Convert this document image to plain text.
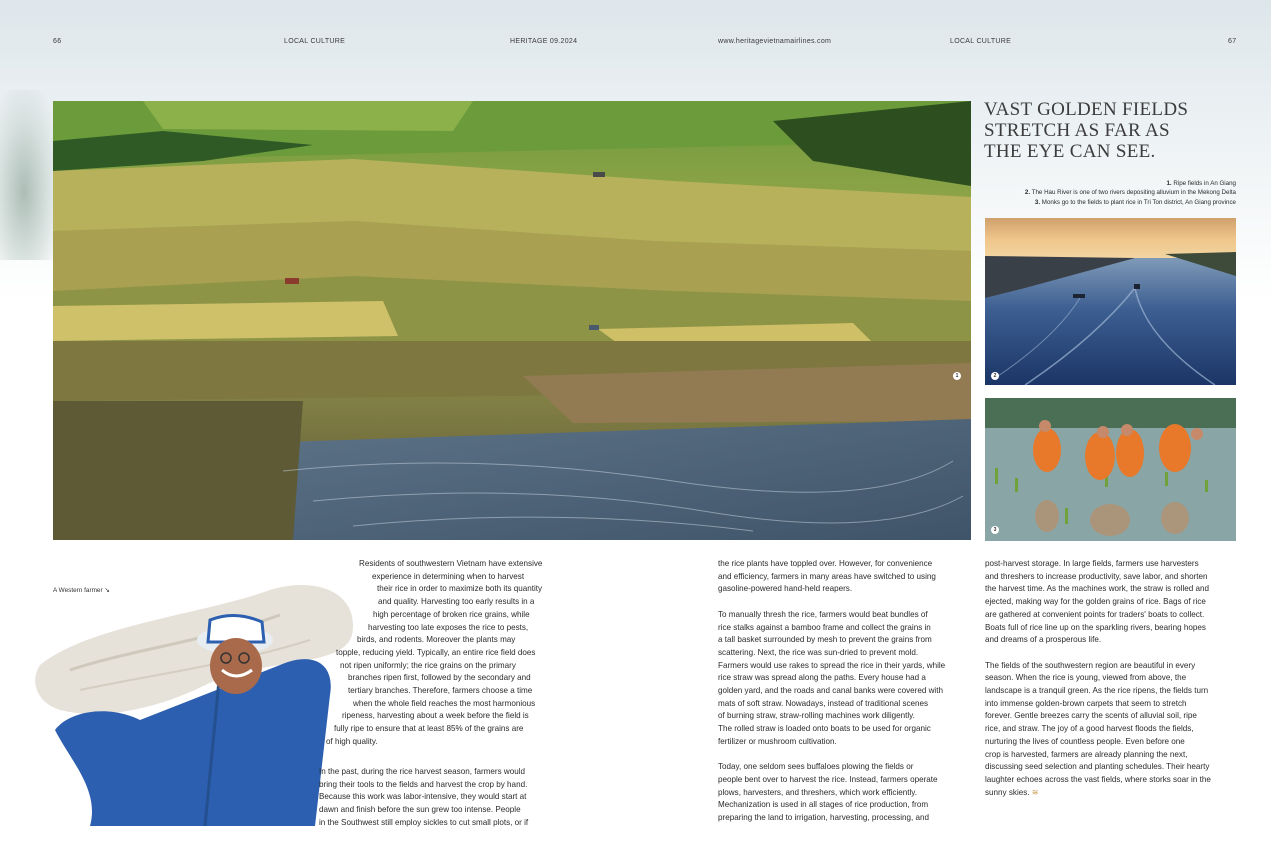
66	LOCAL CULTURE	HERITAGE 09.2024	www.heritagevietnamairlines.com	LOCAL CULTURE	67
1
VAST GOLDEN FIELDS
STRETCH AS FAR AS
THE EYE CAN SEE.
1. Ripe fields in An Giang
2. The Hau River is one of two rivers depositing alluvium in the Mekong Delta
3. Monks go to the fields to plant rice in Tri Ton district, An Giang province
2
3
A Western farmer ↘

Residents of southwestern Vietnam have extensive
experience in determining when to harvest
their rice in order to maximize both its quantity
and quality. Harvesting too early results in a
high percentage of broken rice grains, while
harvesting too late exposes the rice to pests,
birds, and rodents. Moreover the plants may
topple, reducing yield. Typically, an entire rice field does
not ripen uniformly; the rice grains on the primary
branches ripen first, followed by the secondary and
tertiary branches. Therefore, farmers choose a time
when the whole field reaches the most harmonious
ripeness, harvesting about a week before the field is
fully ripe to ensure that at least 85% of the grains are
of high quality.

In the past, during the rice harvest season, farmers would
bring their tools to the fields and harvest the crop by hand.
Because this work was labor-intensive, they would start at
dawn and finish before the sun grew too intense. People
in the Southwest still employ sickles to cut small plots, or if

the rice plants have toppled over. However, for convenience
and efficiency, farmers in many areas have switched to using
gasoline-powered hand-held reapers.

To manually thresh the rice, farmers would beat bundles of
rice stalks against a bamboo frame and collect the grains in
a tall basket surrounded by mesh to prevent the grains from
scattering. Next, the rice was sun-dried to prevent mold.
Farmers would use rakes to spread the rice in their yards, while
rice straw was spread along the paths. Every house had a
golden yard, and the roads and canal banks were covered with
mats of soft straw. Nowadays, instead of traditional scenes
of burning straw, straw-rolling machines work diligently.
The rolled straw is loaded onto boats to be used for organic
fertilizer or mushroom cultivation.

Today, one seldom sees buffaloes plowing the fields or
people bent over to harvest the rice. Instead, farmers operate
plows, harvesters, and threshers, which work efficiently.
Mechanization is used in all stages of rice production, from
preparing the land to irrigation, harvesting, processing, and

post-harvest storage. In large fields, farmers use harvesters
and threshers to increase productivity, save labor, and shorten
the harvest time. As the machines work, the straw is rolled and
ejected, making way for the golden grains of rice. Bags of rice
are gathered at convenient points for traders' boats to collect.
Boats full of rice line up on the sparkling rivers, bearing hopes
and dreams of a prosperous life.

The fields of the southwestern region are beautiful in every
season. When the rice is young, viewed from above, the
landscape is a tranquil green. As the rice ripens, the fields turn
into immense golden-brown carpets that seem to stretch
forever. Gentle breezes carry the scents of alluvial soil, ripe
rice, and straw. The joy of a good harvest floods the fields,
nurturing the lives of countless people. Even before one
crop is harvested, farmers are already planning the next,
discussing seed selection and planting schedules. Their hearty
laughter echoes across the vast fields, where storks soar in the
sunny skies. ≋
